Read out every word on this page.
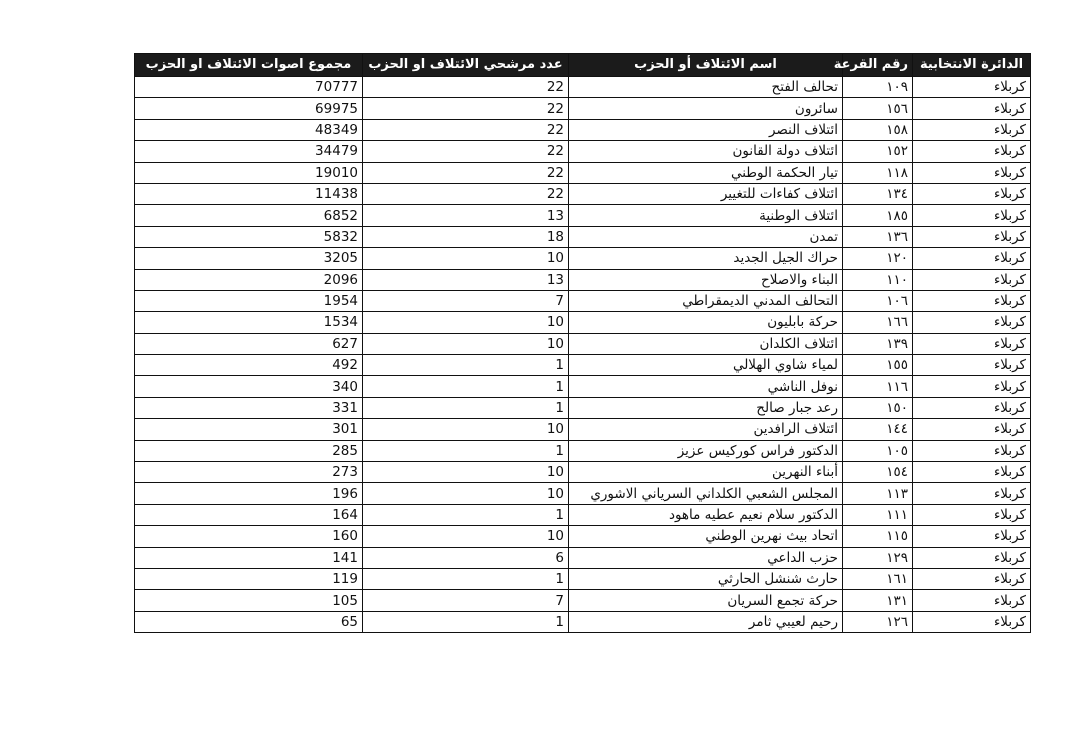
الدائرة الانتخابية	رقم القرعة	اسم الائتلاف أو الحزب	عدد مرشحي الائتلاف او الحزب	مجموع اصوات الائتلاف او الحزب
كربلاء	١٠٩	تحالف الفتح	22	70777
كربلاء	١٥٦	سائرون	22	69975
كربلاء	١٥٨	ائتلاف النصر	22	48349
كربلاء	١٥٢	ائتلاف دولة القانون	22	34479
كربلاء	١١٨	تيار الحكمة الوطني	22	19010
كربلاء	١٣٤	ائتلاف كفاءات للتغيير	22	11438
كربلاء	١٨٥	ائتلاف الوطنية	13	6852
كربلاء	١٣٦	تمدن	18	5832
كربلاء	١٢٠	حراك الجيل الجديد	10	3205
كربلاء	١١٠	البناء والاصلاح	13	2096
كربلاء	١٠٦	التحالف المدني الديمقراطي	7	1954
كربلاء	١٦٦	حركة بابليون	10	1534
كربلاء	١٣٩	ائتلاف الكلدان	10	627
كربلاء	١٥٥	لمياء شاوي الهلالي	1	492
كربلاء	١١٦	نوفل الناشي	1	340
كربلاء	١٥٠	رعد جبار صالح	1	331
كربلاء	١٤٤	ائتلاف الرافدين	10	301
كربلاء	١٠٥	الدكتور فراس كوركيس عزيز	1	285
كربلاء	١٥٤	أبناء النهرين	10	273
كربلاء	١١٣	المجلس الشعبي الكلداني السرياني الاشوري	10	196
كربلاء	١١١	الدكتور سلام نعيم عطيه ماهود	1	164
كربلاء	١١٥	اتحاد بيث نهرين الوطني	10	160
كربلاء	١٢٩	حزب الداعي	6	141
كربلاء	١٦١	حارث شنشل الحارثي	1	119
كربلاء	١٣١	حركة تجمع السريان	7	105
كربلاء	١٢٦	رحيم لعيبي ثامر	1	65
